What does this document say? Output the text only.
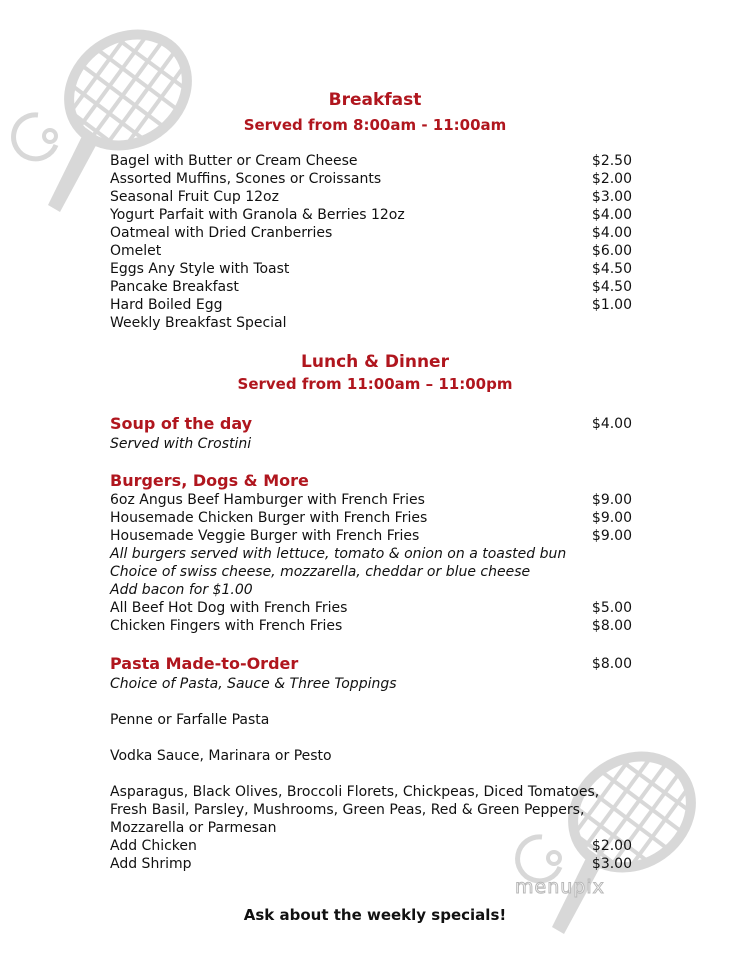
menupix
Breakfast
Served from 8:00am - 11:00am
Bagel with Butter or Cream Cheese	$2.50
Assorted Muffins, Scones or Croissants	$2.00
Seasonal Fruit Cup 12oz	$3.00
Yogurt Parfait with Granola & Berries 12oz	$4.00
Oatmeal with Dried Cranberries	$4.00
Omelet	$6.00
Eggs Any Style with Toast	$4.50
Pancake Breakfast	$4.50
Hard Boiled Egg	$1.00
Weekly Breakfast Special
Lunch & Dinner
Served from 11:00am – 11:00pm
Soup of the day	$4.00
Served with Crostini
Burgers, Dogs & More
6oz Angus Beef Hamburger with French Fries	$9.00
Housemade Chicken Burger with French Fries	$9.00
Housemade Veggie Burger with French Fries	$9.00
All burgers served with lettuce, tomato & onion on a toasted bun
Choice of swiss cheese, mozzarella, cheddar or blue cheese
Add bacon for $1.00
All Beef Hot Dog with French Fries	$5.00
Chicken Fingers with French Fries	$8.00
Pasta Made-to-Order	$8.00
Choice of Pasta, Sauce & Three Toppings
Penne or Farfalle Pasta
Vodka Sauce, Marinara or Pesto
Asparagus, Black Olives, Broccoli Florets, Chickpeas, Diced Tomatoes,
Fresh Basil, Parsley, Mushrooms, Green Peas, Red & Green Peppers,
Mozzarella or Parmesan
Add Chicken	$2.00
Add Shrimp	$3.00
Ask about the weekly specials!
